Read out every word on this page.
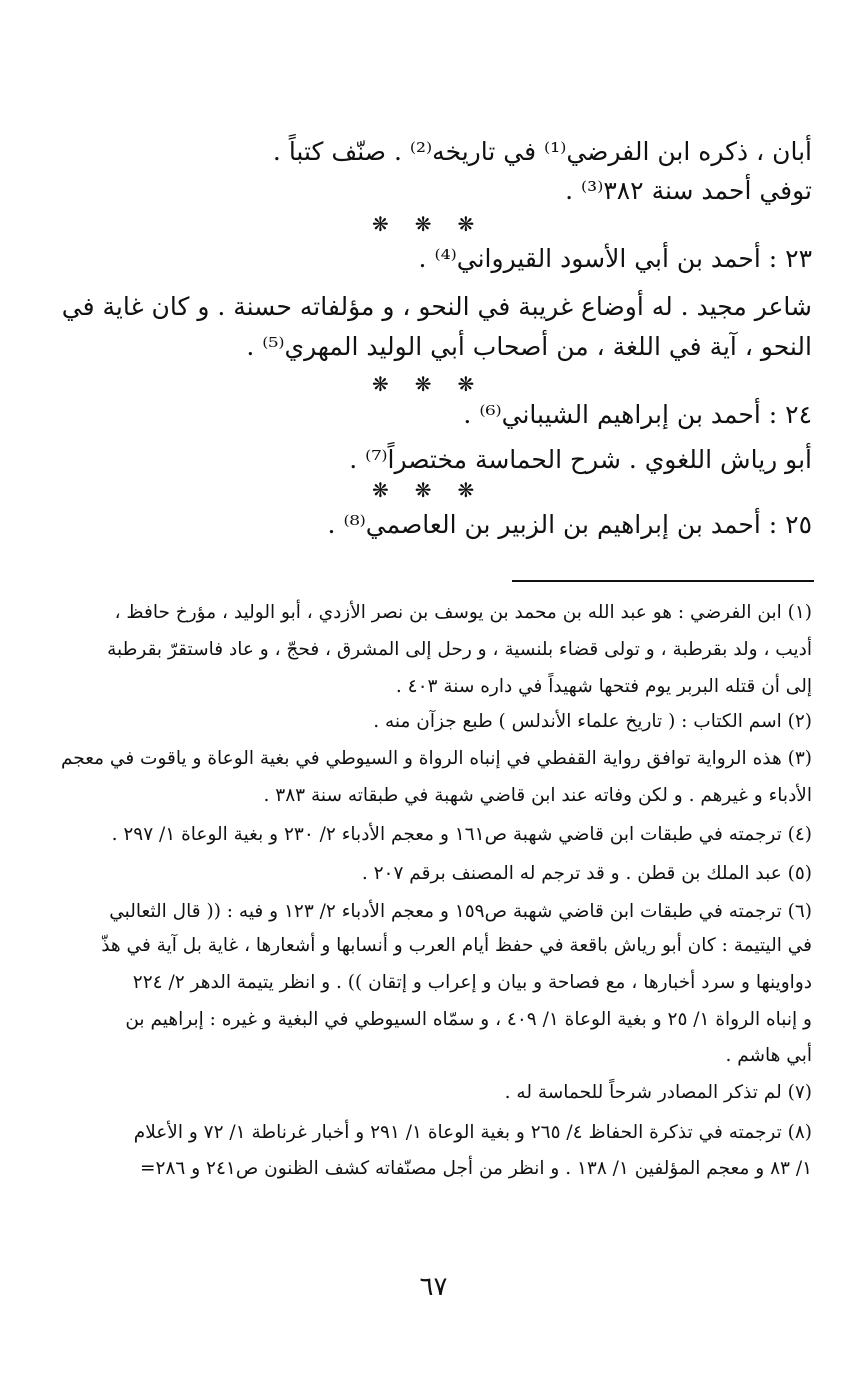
أبان ، ذكره ابن الفرضي⁽¹⁾ في تاريخه⁽²⁾ . صنّف كتباً .
توفي أحمد سنة ٣٨٢⁽³⁾ .
❋ ❋ ❋
٢٣ : أحمد بن أبي الأسود القيرواني⁽⁴⁾ .
شاعر مجيد . له أوضاع غريبة في النحو ، و مؤلفاته حسنة . و كان غاية في
النحو ، آية في اللغة ، من أصحاب أبي الوليد المهري⁽⁵⁾ .
❋ ❋ ❋
٢٤ : أحمد بن إبراهيم الشيباني⁽⁶⁾ .
أبو رياش اللغوي . شرح الحماسة مختصراً⁽⁷⁾ .
❋ ❋ ❋
٢٥ : أحمد بن إبراهيم بن الزبير بن العاصمي⁽⁸⁾ .
(١) ابن الفرضي : هو عبد الله بن محمد بن يوسف بن نصر الأزدي ، أبو الوليد ، مؤرخ حافظ ،
أديب ، ولد بقرطبة ، و تولى قضاء بلنسية ، و رحل إلى المشرق ، فحجّ ، و عاد فاستقرّ بقرطبة
إلى أن قتله البربر يوم فتحها شهيداً في داره سنة ٤٠٣ .
(٢) اسم الكتاب : ( تاريخ علماء الأندلس ) طبع جزآن منه .
(٣) هذه الرواية توافق رواية القفطي في إنباه الرواة و السيوطي في بغية الوعاة و ياقوت في معجم
الأدباء و غيرهم . و لكن وفاته عند ابن قاضي شهبة في طبقاته سنة ٣٨٣ .
(٤) ترجمته في طبقات ابن قاضي شهبة ص١٦١ و معجم الأدباء ٢/ ٢٣٠ و بغية الوعاة ١/ ٢٩٧ .
(٥) عبد الملك بن قطن . و قد ترجم له المصنف برقم ٢٠٧ .
(٦) ترجمته في طبقات ابن قاضي شهبة ص١٥٩ و معجم الأدباء ٢/ ١٢٣ و فيه : (( قال الثعالبي
في اليتيمة : كان أبو رياش باقعة في حفظ أيام العرب و أنسابها و أشعارها ، غاية بل آية في هذّ
دواوينها و سرد أخبارها ، مع فصاحة و بيان و إعراب و إتقان )) . و انظر يتيمة الدهر ٢/ ٢٢٤
و إنباه الرواة ١/ ٢٥ و بغية الوعاة ١/ ٤٠٩ ، و سمّاه السيوطي في البغية و غيره : إبراهيم بن
أبي هاشم .
(٧) لم تذكر المصادر شرحاً للحماسة له .
(٨) ترجمته في تذكرة الحفاظ ٤/ ٢٦٥ و بغية الوعاة ١/ ٢٩١ و أخبار غرناطة ١/ ٧٢ و الأعلام
١/ ٨٣ و معجم المؤلفين ١/ ١٣٨ . و انظر من أجل مصنّفاته كشف الظنون ص٢٤١ و ٢٨٦=
٦٧
